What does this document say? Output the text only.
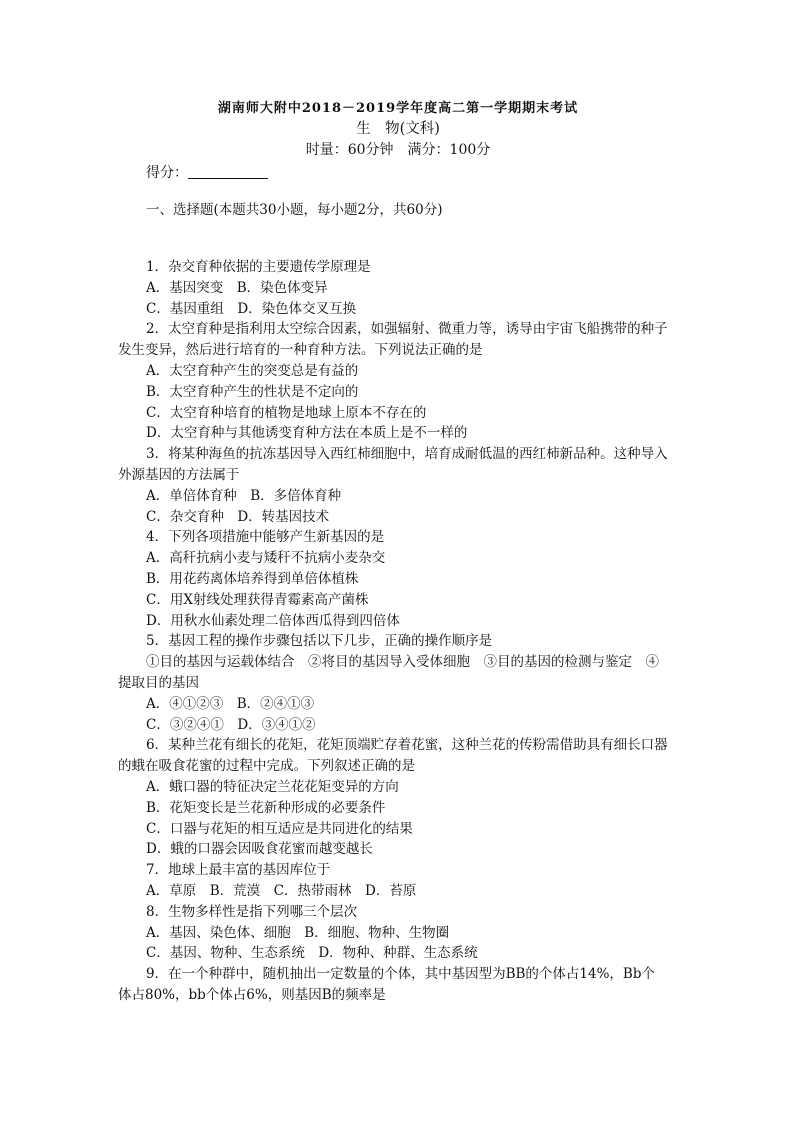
湖南师大附中2018－2019学年度高二第一学期期末考试
生　物(文科)
时量：60分钟　满分：100分
得分：
一、选择题(本题共30小题，每小题2分，共60分)
1．杂交育种依据的主要遗传学原理是
A．基因突变　B．染色体变异
C．基因重组　D．染色体交叉互换
2．太空育种是指利用太空综合因素，如强辐射、微重力等，诱导由宇宙飞船携带的种子
发生变异，然后进行培育的一种育种方法。下列说法正确的是
A．太空育种产生的突变总是有益的
B．太空育种产生的性状是不定向的
C．太空育种培育的植物是地球上原本不存在的
D．太空育种与其他诱变育种方法在本质上是不一样的
3．将某种海鱼的抗冻基因导入西红柿细胞中，培育成耐低温的西红柿新品种。这种导入
外源基因的方法属于
A．单倍体育种　B．多倍体育种
C．杂交育种　D．转基因技术
4．下列各项措施中能够产生新基因的是
A．高秆抗病小麦与矮秆不抗病小麦杂交
B．用花药离体培养得到单倍体植株
C．用X射线处理获得青霉素高产菌株
D．用秋水仙素处理二倍体西瓜得到四倍体
5．基因工程的操作步骤包括以下几步，正确的操作顺序是
①目的基因与运载体结合　②将目的基因导入受体细胞　③目的基因的检测与鉴定　④
提取目的基因
A．④①②③　B．②④①③
C．③②④①　D．③④①②
6．某种兰花有细长的花矩，花矩顶端贮存着花蜜，这种兰花的传粉需借助具有细长口器
的蛾在吸食花蜜的过程中完成。下列叙述正确的是
A．蛾口器的特征决定兰花花矩变异的方向
B．花矩变长是兰花新种形成的必要条件
C．口器与花矩的相互适应是共同进化的结果
D．蛾的口器会因吸食花蜜而越变越长
7．地球上最丰富的基因库位于
A．草原　B．荒漠　C．热带雨林　D．苔原
8．生物多样性是指下列哪三个层次
A．基因、染色体、细胞　B．细胞、物种、生物圈
C．基因、物种、生态系统　D．物种、种群、生态系统
9．在一个种群中，随机抽出一定数量的个体，其中基因型为BB的个体占14%，Bb个
体占80%，bb个体占6%，则基因B的频率是
